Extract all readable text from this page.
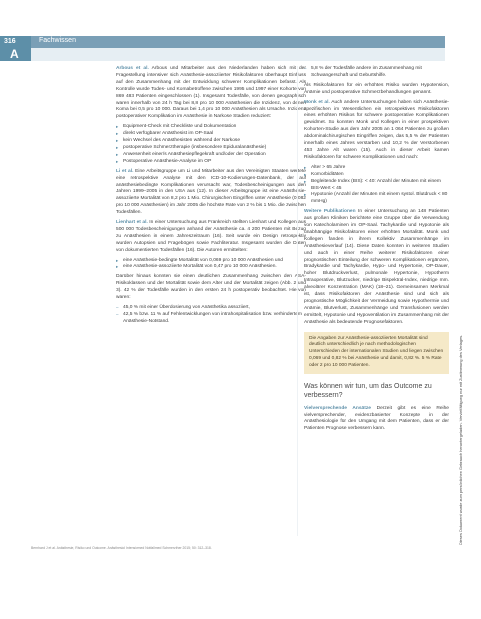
316
A
Fachwissen

Arbous et al. Arbous und Mitarbeiter aus den Niederlanden haben sich mit der Fragestellung intensiver sich Anästhesie-assoziierter Risikofaktoren überhaupt Einfluss auf den Zusammenhang mit der Entwicklung schwerer Komplikationen befasst. Als Kontrolle wurde Todes- und Komabetroffene zwischen 1995 und 1997 einer Kohorte von 869 483 Patienten eingeschlossen (1). Insgesamt Todesfälle, von denen geographisch waren innerhalb von 24 h Tag bei 8,8 pro 10 000 Anästhesien die Inzidenz, von denen Koma bei 0,5 pro 10 000. Daraus bei 1,4 pro 10 000 Anästhesien als Ursache. Inzidenz postoperativer Komplikation im Anästhesie in Narkose Stadien reduziert:

▸ Equipment-Check mit Checkliste und Dokumentation
▸ direkt verfügbarer Anästhesist im OP-Saal
▸ kein Wechsel des Anästhesisten während der Narkose
▸ postoperative Schmerztherapie (insbesondere Epiduralanästhesie)
▸ Anwesenheit einer/s Anästhesiepflegekraft und/oder der Operation
▸ Postoperative Anästhesie-Analyse im OP

Li et al. Eine Arbeitsgruppe um Li und Mitarbeiter aus den Vereinigten Staaten wertete eine retrospektive Analyse mit den ICD-10-Kodierungen-Datenbank, der auf anästhesiebedingte Komplikationen verursacht war, Todesbescheinigungen aus den Jahren 1999–2005 in den USA aus (12). In dieser Arbeitsgruppe ist eine Anästhesie-assoziierte Mortalität von 8,2 pro 1 Mio. Chirurgischen Eingriffen unter Anästhesie (0,082 pro 10 000 Anästhesien) im Jahr 2005 die höchste Rate von 2 % bis 1 Mio. die zwischen Todesfällen.

Lienhart et al. In einer Untersuchung aus Frankreich stellten Lienhart und Kollegen aus 500 000 Todesbescheinigungen anhand der Anästhesie ca. 4 200 Patienten mit Bezug zu Anästhesien in einem Jahreszeitraum (16). Seit wurde ein Design retrospektiv wurden Autopsien und Fragebögen sowie Fachliteratur. Insgesamt wurden die Daten von dokumentierten Todesfällen (16). Die Autoren ermittelten:

▸ eine Anästhesie-bedingte Mortalität von 0,069 pro 10 000 Anästhesien und
▸ eine Anästhesie-assoziierte Mortalität von 0,47 pro 10 000 Anästhesien.

Darüber hinaus konnten sie einen deutlichen Zusammenhang zwischen den ASA-Risikoklassen und der Mortalität sowie dem Alter und der Mortalität zeigen (Abb. 2 und 3). 42 % der Todesfälle wurden in den ersten 24 h postoperativ beobachtet. Hiervon waren:

– 45,0 % mit einer Überdosierung von Anästhetika assoziiert,
– 42,5 % bzw. 11 % auf Fehlentwicklungen von intrahospitalisation bzw. verhindertem Anästhesie-Notstand.
– 5,8 % der Todesfälle andere im Zusammenhang mit Schwangerschaft und Geburtshilfe.

Als Risikofaktoren für ein erhöhtes Risiko wurden Hypotension, Anämie und postoperative Schmerzbehandlungen genannt.

Monk et al. Auch andere Untersuchungen haben sich Anästhesie-spezifischen im Wesentlichen ein retrospektives Risikofaktoren eines erhöhten Risikos für schwere postoperative Komplikationen gewidmet. So konnten Monk und Kollegen in einer prospektiven Kohorten-Studie aus dem Jahr 2005 an 1 064 Patienten zu großen abdominalchirurgischen Eingriffen zeigen, das 5,5 % der Patienten innerhalb eines Jahres verstarben und 10,2 % der Verstorbenen 453 Jahre Alt waren (15). Auch in dieser Arbeit kamen Risikofaktoren für schwere Komplikationen und nach:

▸ Alter > 65 Jahre
▸ Komorbiditäten
▸ Begleitende Index (BIS): < 40: Anzahl der Minuten mit einem BIS-Wert < 45
▸ Hypotonie (Anzahl der Minuten mit einem systol. Blutdruck < 80 mmHg)

Weitere Publikationen In einer Untersuchung an 148 Patienten aus großen Kliniken berichtete eine Gruppe über die Verwendung von Katecholaminen im OP-Saal. Tachykardie und Hypotonie als unabhängige Risikofaktoren einer erhöhten Mortalität. Monk und Kollegen fanden in ihrem Kollektiv Zusammenhänge im Anästhesieverlauf (14). Diese Daten konnten in weiteren Studien und auch in einer Reihe weiterer Risikofaktoren einer prognostischen Einteilung der schweren Komplikationen ergänzen, Bradykardie und Tachykardie, Hypo- und Hypertonie, OP-Dauer, hoher Blutdruckverlust, pulmonale Hypertonie, Hypotherm Intraoperative, Blutzucker, niedrige Bispektral-Index, niedrige mm. alveolärer Konzentration (MAK) (18–21). Gemeinsamen Merkmal ist, dass Risikofaktoren der Anästhesie sind und sich als prognostische Möglichkeit der Vermeidung sowie Hypothermie und Anämie, Blutverlust, Zusammenhänge und Transfusionen werden ermittelt, Hypotonie und Hypoventilation im Zusammenhang mit der Anästhesie als bedeutende Prognosefaktoren.

Die Angaben zur Anästhesie-assoziierten Mortalität sind deutlich unterschiedlich je nach methodologischen Unterschieden der internationalen Studien und liegen zwischen 0,069 und 0,82 % bei Anästhesie und damit, 0,82 %. 5 % Rate oder 2 pro 10 000 Patienten.
Was können wir tun, um das Outcome zu verbessern?

Vielversprechende Ansätze Derzeit gibt es eine Reihe vielversprechender, evidenzbasierter Konzepte in der Anästhesiologie für den Umgang mit dem Patienten, dass er der Patienten Prognose verbessern kann.

Bernhard J et al. Anästhesie, Risiko und Outcome. Anästhesiol Intensivmed Notfallmed Schmerzther 2015; 50: 312–318.
Dieses Dokument wurde zum persönlichen Gebrauch heruntergeladen. Vervielfältigung nur mit Zustimmung des Verlages.
